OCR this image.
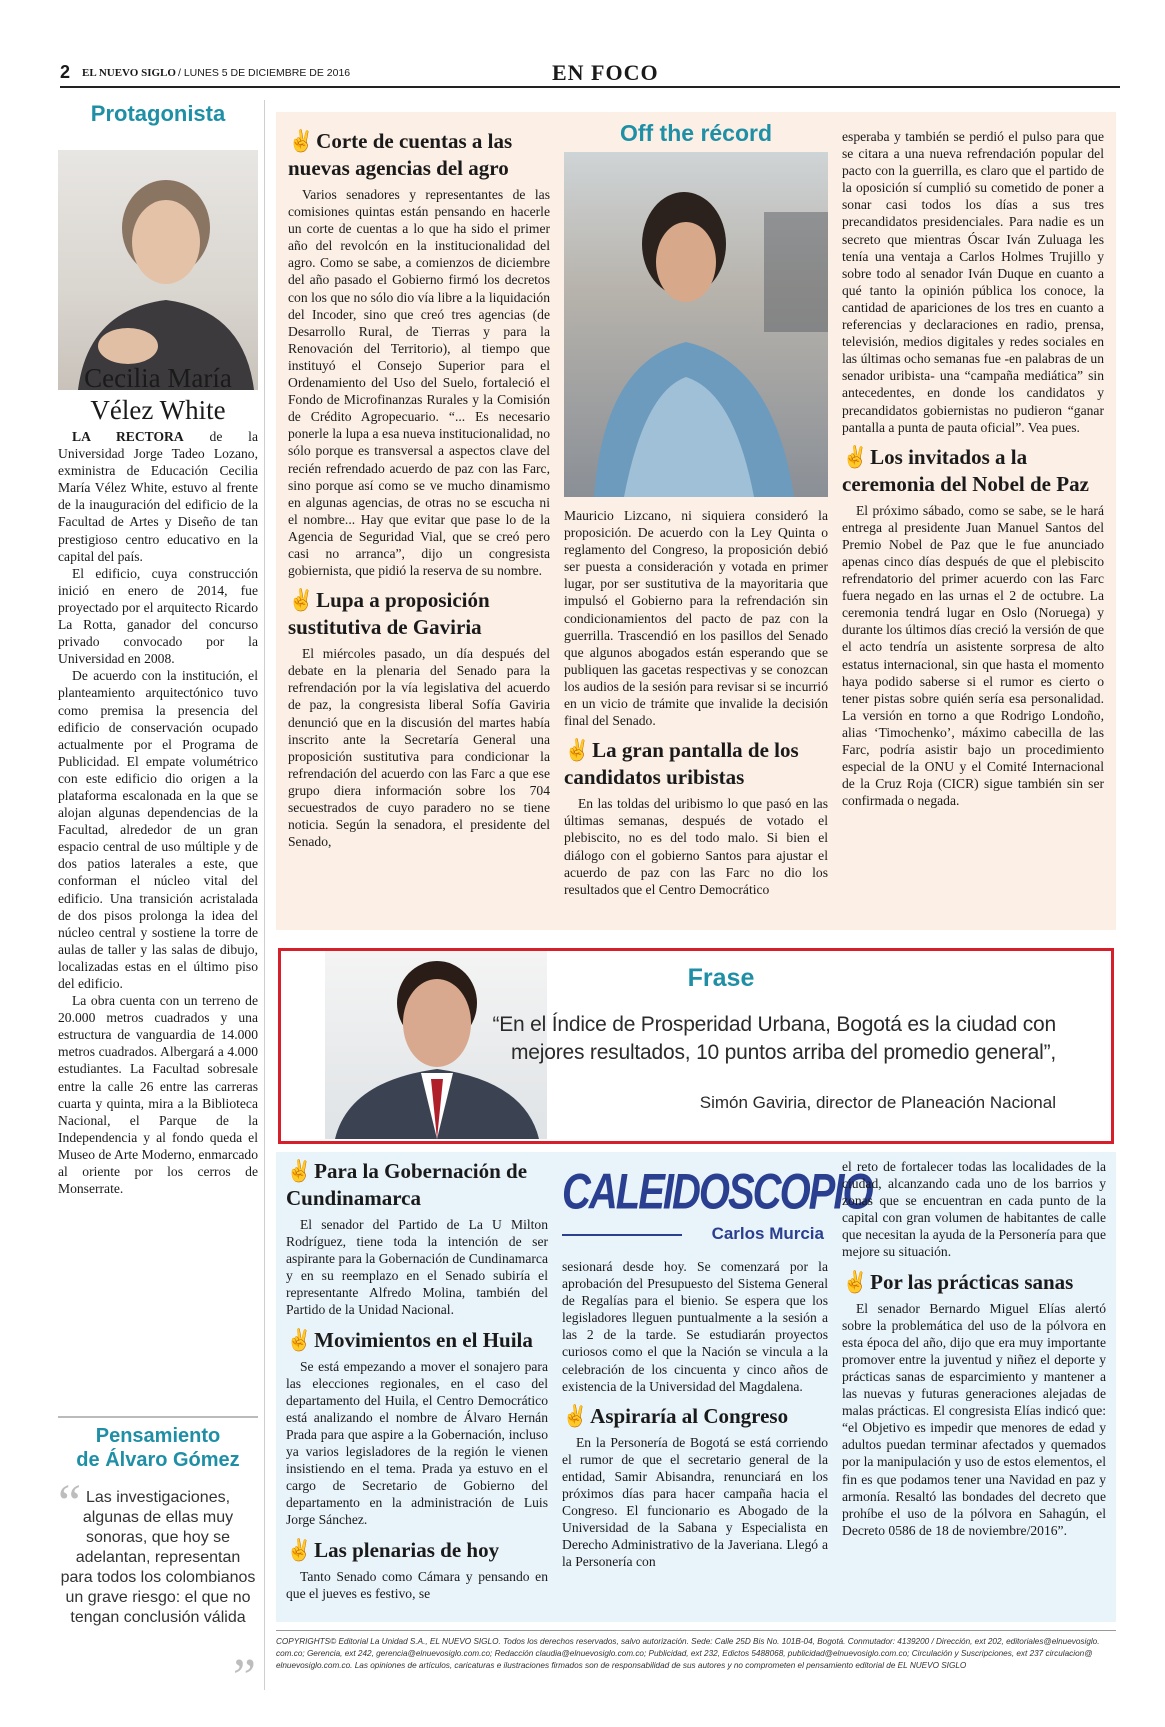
2 EL NUEVO SIGLO / LUNES 5 DE DICIEMBRE DE 2016	EN FOCO
Protagonista
Cecilia María
Vélez White

LA RECTORA de la Universidad Jorge Tadeo Lozano, exministra de Educación Cecilia María Vélez White, estuvo al frente de la inauguración del edificio de la Facultad de Artes y Diseño de tan prestigioso centro educativo en la capital del país.

El edificio, cuya construcción inició en enero de 2014, fue proyectado por el arquitecto Ricardo La Rotta, ganador del concurso privado convocado por la Universidad en 2008.

De acuerdo con la institución, el planteamiento arquitectónico tuvo como premisa la presencia del edificio de conservación ocupado actualmente por el Programa de Publicidad. El empate volumétrico con este edificio dio origen a la plataforma escalonada en la que se alojan algunas dependencias de la Facultad, alrededor de un gran espacio central de uso múltiple y de dos patios laterales a este, que conforman el núcleo vital del edificio. Una transición acristalada de dos pisos prolonga la idea del núcleo central y sostiene la torre de aulas de taller y las salas de dibujo, localizadas estas en el último piso del edificio.

La obra cuenta con un terreno de 20.000 metros cuadrados y una estructura de vanguardia de 14.000 metros cuadrados. Albergará a 4.000 estudiantes. La Facultad sobresale entre la calle 26 entre las carreras cuarta y quinta, mira a la Biblioteca Nacional, el Parque de la Independencia y al fondo queda el Museo de Arte Moderno, enmarcado al oriente por los cerros de Monserrate.

Pensamiento
de Álvaro Gómez
“ Las investigaciones, algunas de ellas muy sonoras, que hoy se adelantan, representan para todos los colombianos un grave riesgo: el que no tengan conclusión válida
”
✌Corte de cuentas a las nuevas agencias del agro

Varios senadores y representantes de las comisiones quintas están pensando en hacerle un corte de cuentas a lo que ha sido el primer año del revolcón en la institucionalidad del agro. Como se sabe, a comienzos de diciembre del año pasado el Gobierno firmó los decretos con los que no sólo dio vía libre a la liquidación del Incoder, sino que creó tres agencias (de Desarrollo Rural, de Tierras y para la Renovación del Territorio), al tiempo que instituyó el Consejo Superior para el Ordenamiento del Uso del Suelo, fortaleció el Fondo de Microfinanzas Rurales y la Comisión de Crédito Agropecuario. “... Es necesario ponerle la lupa a esa nueva institucionalidad, no sólo porque es transversal a aspectos clave del recién refrendado acuerdo de paz con las Farc, sino porque así como se ve mucho dinamismo en algunas agencias, de otras no se escucha ni el nombre... Hay que evitar que pase lo de la Agencia de Seguridad Vial, que se creó pero casi no arranca”, dijo un congresista gobiernista, que pidió la reserva de su nombre.

✌Lupa a proposición sustitutiva de Gaviria

El miércoles pasado, un día después del debate en la plenaria del Senado para la refrendación por la vía legislativa del acuerdo de paz, la congresista liberal Sofía Gaviria denunció que en la discusión del martes había inscrito ante la Secretaría General una proposición sustitutiva para condicionar la refrendación del acuerdo con las Farc a que ese grupo diera información sobre los 704 secuestrados de cuyo paradero no se tiene noticia. Según la senadora, el presidente del Senado,

Off the récord

Mauricio Lizcano, ni siquiera consideró la proposición. De acuerdo con la Ley Quinta o reglamento del Congreso, la proposición debió ser puesta a consideración y votada en primer lugar, por ser sustitutiva de la mayoritaria que impulsó el Gobierno para la refrendación sin condicionamientos del pacto de paz con la guerrilla. Trascendió en los pasillos del Senado que algunos abogados están esperando que se publiquen las gacetas respectivas y se conozcan los audios de la sesión para revisar si se incurrió en un vicio de trámite que invalide la decisión final del Senado.

✌La gran pantalla de los candidatos uribistas

En las toldas del uribismo lo que pasó en las últimas semanas, después de votado el plebiscito, no es del todo malo. Si bien el diálogo con el gobierno Santos para ajustar el acuerdo de paz con las Farc no dio los resultados que el Centro Democrático

esperaba y también se perdió el pulso para que se citara a una nueva refrendación popular del pacto con la guerrilla, es claro que el partido de la oposición sí cumplió su cometido de poner a sonar casi todos los días a sus tres precandidatos presidenciales. Para nadie es un secreto que mientras Óscar Iván Zuluaga les tenía una ventaja a Carlos Holmes Trujillo y sobre todo al senador Iván Duque en cuanto a qué tanto la opinión pública los conoce, la cantidad de apariciones de los tres en cuanto a referencias y declaraciones en radio, prensa, televisión, medios digitales y redes sociales en las últimas ocho semanas fue -en palabras de un senador uribista- una “campaña mediática” sin antecedentes, en donde los candidatos y precandidatos gobiernistas no pudieron “ganar pantalla a punta de pauta oficial”. Vea pues.

✌Los invitados a la ceremonia del Nobel de Paz

El próximo sábado, como se sabe, se le hará entrega al presidente Juan Manuel Santos del Premio Nobel de Paz que le fue anunciado apenas cinco días después de que el plebiscito refrendatorio del primer acuerdo con las Farc fuera negado en las urnas el 2 de octubre. La ceremonia tendrá lugar en Oslo (Noruega) y durante los últimos días creció la versión de que el acto tendría un asistente sorpresa de alto estatus internacional, sin que hasta el momento haya podido saberse si el rumor es cierto o tener pistas sobre quién sería esa personalidad. La versión en torno a que Rodrigo Londoño, alias ‘Timochenko’, máximo cabecilla de las Farc, podría asistir bajo un procedimiento especial de la ONU y el Comité Internacional de la Cruz Roja (CICR) sigue también sin ser confirmada o negada.

Frase
“En el Índice de Prosperidad Urbana, Bogotá es la ciudad con
mejores resultados, 10 puntos arriba del promedio general”,
Simón Gaviria, director de Planeación Nacional
✌Para la Gobernación de Cundinamarca

El senador del Partido de La U Milton Rodríguez, tiene toda la intención de ser aspirante para la Gobernación de Cundinamarca y en su reemplazo en el Senado subiría el representante Alfredo Molina, también del Partido de la Unidad Nacional.

✌Movimientos en el Huila

Se está empezando a mover el sonajero para las elecciones regionales, en el caso del departamento del Huila, el Centro Democrático está analizando el nombre de Álvaro Hernán Prada para que aspire a la Gobernación, incluso ya varios legisladores de la región le vienen insistiendo en el tema. Prada ya estuvo en el cargo de Secretario de Gobierno del departamento en la administración de Luis Jorge Sánchez.

✌Las plenarias de hoy

Tanto Senado como Cámara y pensando en que el jueves es festivo, se

CALEIDOSCOPIO
Carlos Murcia

sesionará desde hoy. Se comenzará por la aprobación del Presupuesto del Sistema General de Regalías para el bienio. Se espera que los legisladores lleguen puntualmente a la sesión a las 2 de la tarde. Se estudiarán proyectos curiosos como el que la Nación se vincula a la celebración de los cincuenta y cinco años de existencia de la Universidad del Magdalena.

✌Aspiraría al Congreso

En la Personería de Bogotá se está corriendo el rumor de que el secretario general de la entidad, Samir Abisandra, renunciará en los próximos días para hacer campaña hacia el Congreso. El funcionario es Abogado de la Universidad de la Sabana y Especialista en Derecho Administrativo de la Javeriana. Llegó a la Personería con

el reto de fortalecer todas las localidades de la ciudad, alcanzando cada uno de los barrios y zonas que se encuentran en cada punto de la capital con gran volumen de habitantes de calle que necesitan la ayuda de la Personería para que mejore su situación.

✌Por las prácticas sanas

El senador Bernardo Miguel Elías alertó sobre la problemática del uso de la pólvora en esta época del año, dijo que era muy importante promover entre la juventud y niñez el deporte y prácticas sanas de esparcimiento y mantener a las nuevas y futuras generaciones alejadas de malas prácticas. El congresista Elías indicó que: “el Objetivo es impedir que menores de edad y adultos puedan terminar afectados y quemados por la manipulación y uso de estos elementos, el fin es que podamos tener una Navidad en paz y armonía. Resaltó las bondades del decreto que prohíbe el uso de la pólvora en Sahagún, el Decreto 0586 de 18 de noviembre/2016”.

COPYRIGHTS© Editorial La Unidad S.A., EL NUEVO SIGLO. Todos los derechos reservados, salvo autorización. Sede: Calle 25D Bis No. 101B-04, Bogotá. Conmutador: 4139200 / Dirección, ext 202, editoriales@elnuevosiglo.
com.co; Gerencia, ext 242, gerencia@elnuevosiglo.com.co; Redacción claudia@elnuevosiglo.com.co; Publicidad, ext 232, Edictos 5488068, publicidad@elnuevosiglo.com.co; Circulación y Suscripciones, ext 237 circulacion@
elnuevosiglo.com.co. Las opiniones de artículos, caricaturas e ilustraciones firmados son de responsabilidad de sus autores y no comprometen el pensamiento editorial de EL NUEVO SIGLO
